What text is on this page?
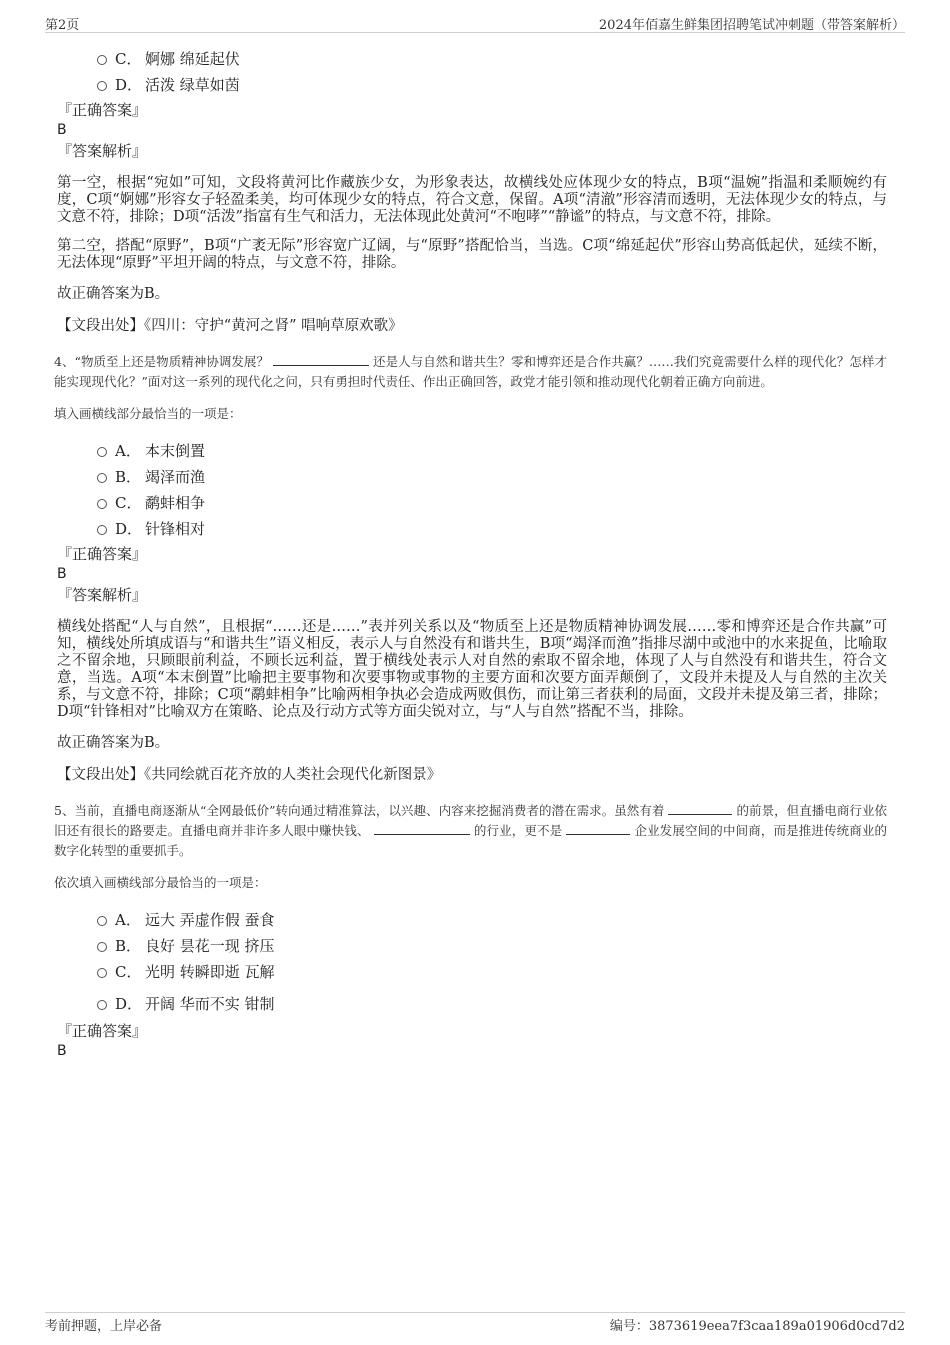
第2页	2024年佰嘉生鲜集团招聘笔试冲刺题（带答案解析）
C． 婀娜 绵延起伏
D． 活泼 绿草如茵
『正确答案』
B
『答案解析』
第一空，根据“宛如”可知，文段将黄河比作藏族少女，为形象表达，故横线处应体现少女的特点，B项“温婉”指温和柔顺婉约有度，C项“婀娜”形容女子轻盈柔美，均可体现少女的特点，符合文意，保留。A项“清澈”形容清而透明，无法体现少女的特点，与文意不符，排除；D项“活泼”指富有生气和活力，无法体现此处黄河“不咆哮”“静谧”的特点，与文意不符，排除。
第二空，搭配“原野”，B项“广袤无际”形容宽广辽阔，与“原野”搭配恰当，当选。C项“绵延起伏”形容山势高低起伏，延续不断，无法体现“原野”平坦开阔的特点，与文意不符，排除。
故正确答案为B。
【文段出处】《四川：守护“黄河之肾” 唱响草原欢歌》
4、“物质至上还是物质精神协调发展？	还是人与自然和谐共生？零和博弈还是合作共赢？……我们究竟需要什么样的现代化？怎样才能实现现代化？”面对这一系列的现代化之问，只有勇担时代责任、作出正确回答，政党才能引领和推动现代化朝着正确方向前进。
填入画横线部分最恰当的一项是：
A． 本末倒置
B． 竭泽而渔
C． 鹬蚌相争
D． 针锋相对
『正确答案』
B
『答案解析』
横线处搭配“人与自然”，且根据“……还是……”表并列关系以及“物质至上还是物质精神协调发展……零和博弈还是合作共赢”可知，横线处所填成语与“和谐共生”语义相反，表示人与自然没有和谐共生，B项“竭泽而渔”指排尽湖中或池中的水来捉鱼，比喻取之不留余地，只顾眼前利益，不顾长远利益，置于横线处表示人对自然的索取不留余地，体现了人与自然没有和谐共生，符合文意，当选。A项“本末倒置”比喻把主要事物和次要事物或事物的主要方面和次要方面弄颠倒了，文段并未提及人与自然的主次关系，与文意不符，排除；C项“鹬蚌相争”比喻两相争执必会造成两败俱伤，而让第三者获利的局面，文段并未提及第三者，排除；D项“针锋相对”比喻双方在策略、论点及行动方式等方面尖锐对立，与“人与自然”搭配不当，排除。
故正确答案为B。
【文段出处】《共同绘就百花齐放的人类社会现代化新图景》
5、当前，直播电商逐渐从“全网最低价”转向通过精准算法，以兴趣、内容来挖掘消费者的潜在需求。虽然有着	的前景，但直播电商行业依旧还有很长的路要走。直播电商并非许多人眼中赚快钱、	的行业，更不是	企业发展空间的中间商，而是推进传统商业的数字化转型的重要抓手。
依次填入画横线部分最恰当的一项是：
A． 远大 弄虚作假 蚕食
B． 良好 昙花一现 挤压
C． 光明 转瞬即逝 瓦解
D． 开阔 华而不实 钳制
『正确答案』
B
考前押题，上岸必备	编号：3873619eea7f3caa189a01906d0cd7d2
